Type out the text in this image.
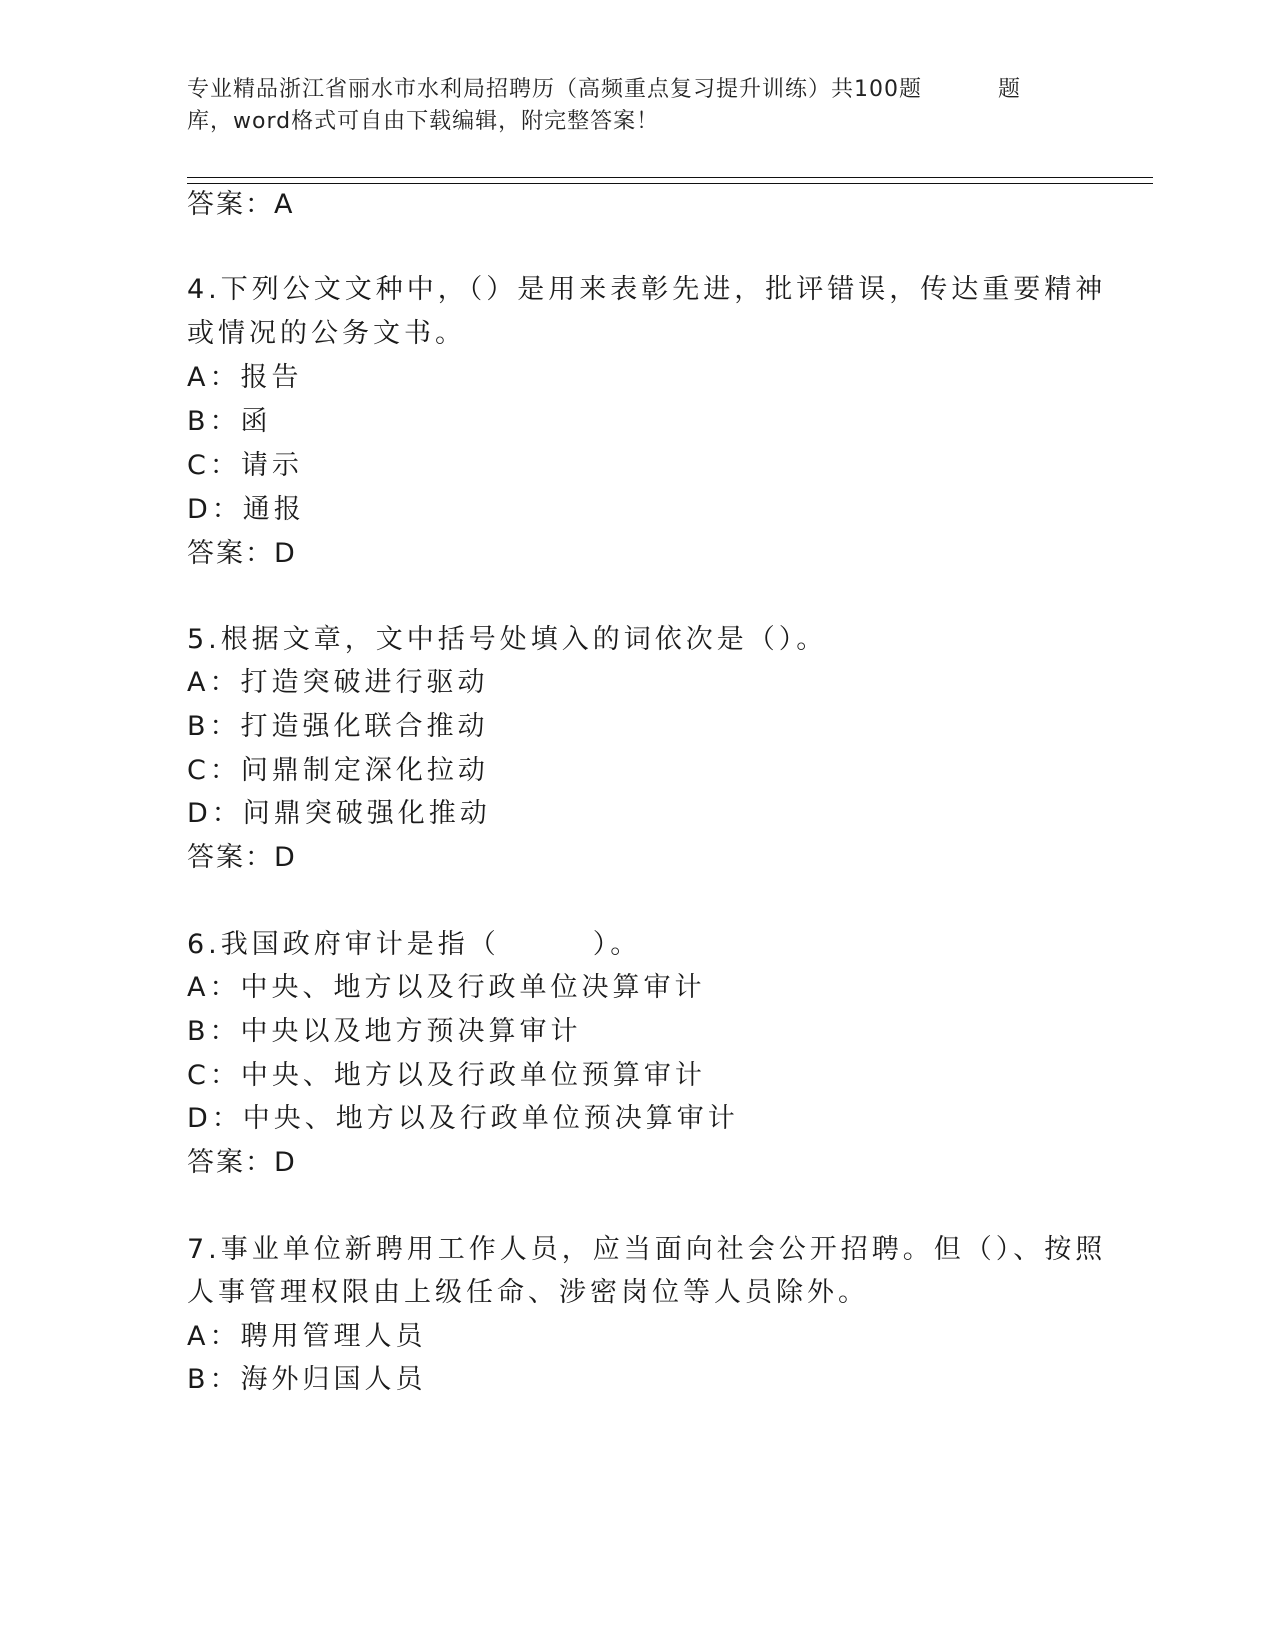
专业精品浙江省丽水市水利局招聘历（高频重点复习提升训练）共100题	题
库，word格式可自由下载编辑，附完整答案！
答案：A
4.下列公文文种中，（）是用来表彰先进，批评错误，传达重要精神
或情况的公务文书。
A：报告
B：函
C：请示
D：通报
答案：D
5.根据文章，文中括号处填入的词依次是（）。
A：打造突破进行驱动
B：打造强化联合推动
C：问鼎制定深化拉动
D：问鼎突破强化推动
答案：D
6.我国政府审计是指（　　　）。
A：中央、地方以及行政单位决算审计
B：中央以及地方预决算审计
C：中央、地方以及行政单位预算审计
D：中央、地方以及行政单位预决算审计
答案：D
7.事业单位新聘用工作人员，应当面向社会公开招聘。但（）、按照
人事管理权限由上级任命、涉密岗位等人员除外。
A：聘用管理人员
B：海外归国人员
